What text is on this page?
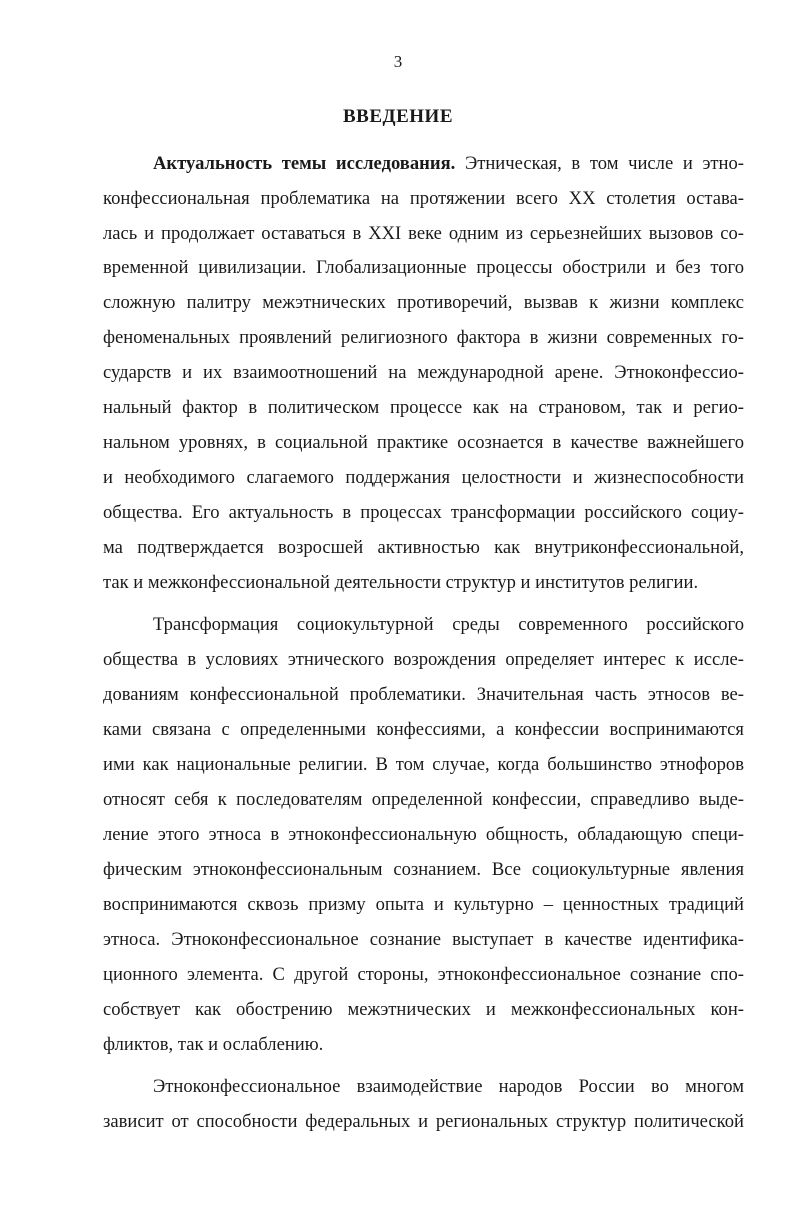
3
ВВЕДЕНИЕ
Актуальность темы исследования. Этническая, в том числе и этно-
конфессиональная проблематика на протяжении всего XX столетия остава-
лась и продолжает оставаться в XXI веке одним из серьезнейших вызовов со-
временной цивилизации. Глобализационные процессы обострили и без того
сложную палитру межэтнических противоречий, вызвав к жизни комплекс
феноменальных проявлений религиозного фактора в жизни современных го-
сударств и их взаимоотношений на международной арене. Этноконфессио-
нальный фактор в политическом процессе как на страновом, так и регио-
нальном уровнях, в социальной практике осознается в качестве важнейшего
и необходимого слагаемого поддержания целостности и жизнеспособности
общества. Его актуальность в процессах трансформации российского социу-
ма подтверждается возросшей активностью как внутриконфессиональной,
так и межконфессиональной деятельности структур и институтов религии.
Трансформация социокультурной среды современного российского
общества в условиях этнического возрождения определяет интерес к иссле-
дованиям конфессиональной проблематики. Значительная часть этносов ве-
ками связана с определенными конфессиями, а конфессии воспринимаются
ими как национальные религии. В том случае, когда большинство этнофоров
относят себя к последователям определенной конфессии, справедливо выде-
ление этого этноса в этноконфессиональную общность, обладающую специ-
фическим этноконфессиональным сознанием. Все социокультурные явления
воспринимаются сквозь призму опыта и культурно – ценностных традиций
этноса. Этноконфессиональное сознание выступает в качестве идентифика-
ционного элемента. С другой стороны, этноконфессиональное сознание спо-
собствует как обострению межэтнических и межконфессиональных кон-
фликтов, так и ослаблению.
Этноконфессиональное взаимодействие народов России во многом
зависит от способности федеральных и региональных структур политической
